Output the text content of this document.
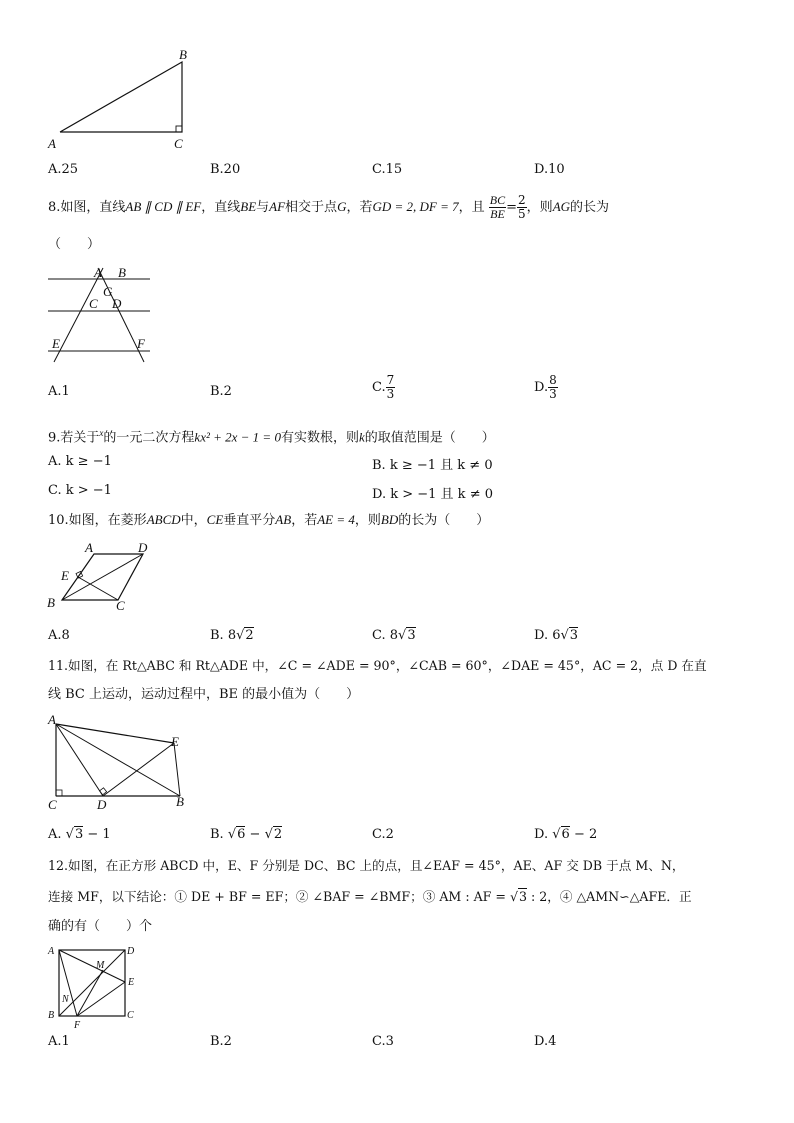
A
B
C
A.25	B.20	C.15	D.10
8.如图，直线AB ∥ CD ∥ EF，直线BE与AF相交于点G，若GD = 2, DF = 7，且 $\frac{BC}{BE} = \frac{2}{5}$ ，则AG的长为
（　　）
A B
G
C D
E	F
A.1	B.2	C. $\frac{7}{3}$	D. $\frac{8}{3}$
9.若关于$^x$的一元二次方程kx² + 2x − 1 = 0有实数根，则k的取值范围是（　　）
A. k ≥ −1	B. k ≥ −1 且 k ≠ 0
C. k > −1	D. k > −1 且 k ≠ 0
10.如图，在菱形ABCD中，CE垂直平分AB，若AE = 4，则BD的长为（　　）
A	D
E
B	C
A.8	B. 8√2	C. 8√3	D. 6√3
11.如图，在 Rt△ABC 和 Rt△ADE 中，∠C = ∠ADE = 90°，∠CAB = 60°，∠DAE = 45°，AC = 2，点 D 在直
线 BC 上运动，运动过程中，BE 的最小值为（　　）
A
E
C	D	B
A. √3 − 1	B. √6 − √2	C.2	D. √6 − 2
12.如图，在正方形 ABCD 中，E、F 分别是 DC、BC 上的点，且∠EAF = 45°，AE、AF 交 DB 于点 M、N，
连接 MF，以下结论：① DE + BF = EF；② ∠BAF = ∠BMF；③ AM : AF = √3 : 2，④ △AMN∽△AFE．正
确的有（　　）个
A	D
M
E
N
B
F
C
A.1	B.2	C.3	D.4
